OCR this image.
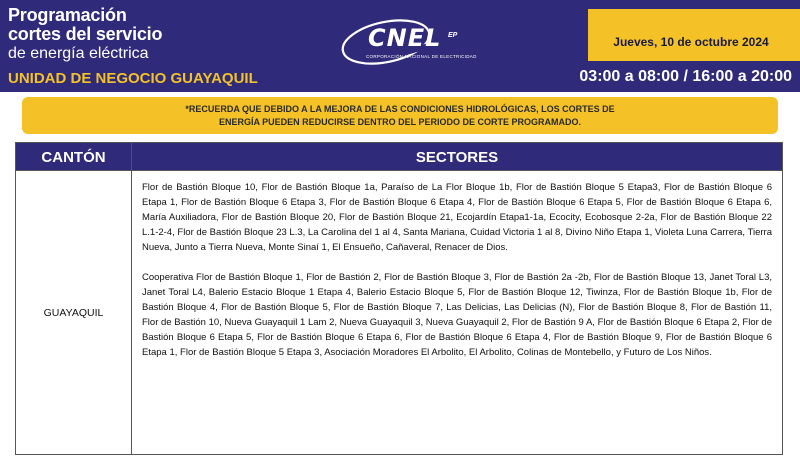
Programación
cortes del servicio
de energía eléctrica
UNIDAD DE NEGOCIO GUAYAQUIL
CNEL EP
CORPORACIÓN NACIONAL DE ELECTRICIDAD
Jueves, 10 de octubre 2024
03:00 a 08:00 / 16:00 a 20:00
*RECUERDA QUE DEBIDO A LA MEJORA DE LAS CONDICIONES HIDROLÓGICAS, LOS CORTES DE ENERGÍA PUEDEN REDUCIRSE DENTRO DEL PERIODO DE CORTE PROGRAMADO.
CANTÓN	SECTORES
GUAYAQUIL

Flor de Bastión Bloque 10, Flor de Bastión Bloque 1a, Paraíso de La Flor Bloque 1b, Flor de Bastión Bloque 5 Etapa3, Flor de Bastión Bloque 6 Etapa 1, Flor de Bastión Bloque 6 Etapa 3, Flor de Bastión Bloque 6 Etapa 4, Flor de Bastión Bloque 6 Etapa 5, Flor de Bastión Bloque 6 Etapa 6, María Auxiliadora, Flor de Bastión Bloque 20, Flor de Bastión Bloque 21, Ecojardín Etapa1-1a, Ecocity, Ecobosque 2-2a, Flor de Bastión Bloque 22 L.1-2-4, Flor de Bastión Bloque 23 L.3, La Carolina del 1 al 4, Santa Mariana, Cuidad Victoria 1 al 8, Divino Niño Etapa 1, Violeta Luna Carrera, Tierra Nueva, Junto a Tierra Nueva, Monte Sinaí 1, El Ensueño, Cañaveral, Renacer de Dios.

Cooperativa Flor de Bastión Bloque 1, Flor de Bastión 2, Flor de Bastión Bloque 3, Flor de Bastión 2a -2b, Flor de Bastión Bloque 13, Janet Toral L3, Janet Toral L4, Balerio Estacio Bloque 1 Etapa 4, Balerio Estacio Bloque 5, Flor de Bastión Bloque 12, Tiwinza, Flor de Bastión Bloque 1b, Flor de Bastión Bloque 4, Flor de Bastión Bloque 5, Flor de Bastión Bloque 7, Las Delicias, Las Delicias (N), Flor de Bastión Bloque 8, Flor de Bastión 11, Flor de Bastión 10, Nueva Guayaquil 1 Lam 2, Nueva Guayaquil 3, Nueva Guayaquil 2, Flor de Bastión 9 A, Flor de Bastión Bloque 6 Etapa 2, Flor de Bastión Bloque 6 Etapa 5, Flor de Bastión Bloque 6 Etapa 6, Flor de Bastión Bloque 6 Etapa 4, Flor de Bastión Bloque 9, Flor de Bastión Bloque 6 Etapa 1, Flor de Bastión Bloque 5 Etapa 3, Asociación Moradores El Arbolito, El Arbolito, Colinas de Montebello, y Futuro de Los Niños.
